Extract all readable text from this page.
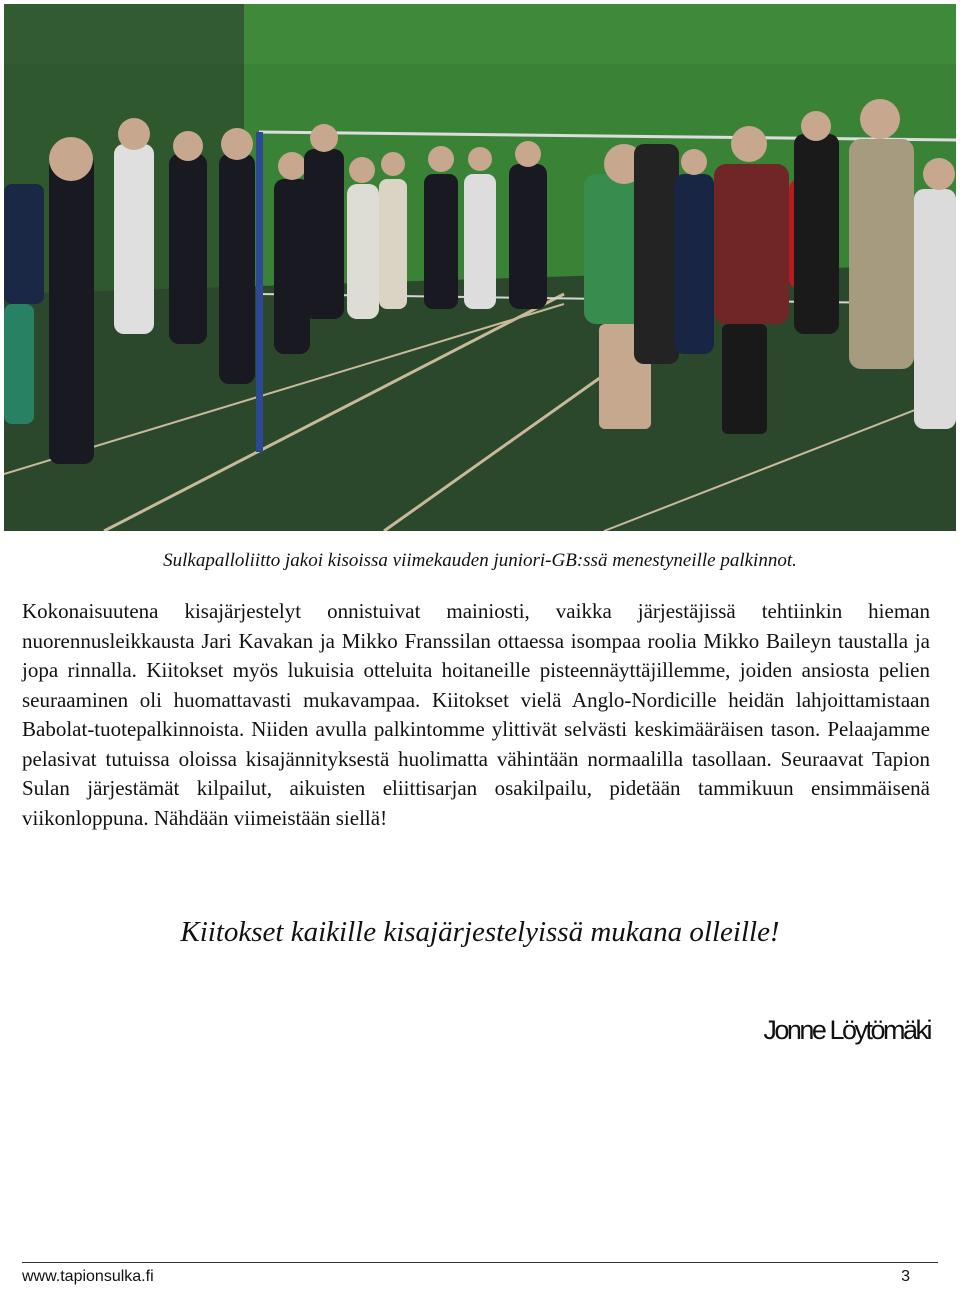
Sulkapalloliitto jakoi kisoissa viimekauden juniori-GB:ssä menestyneille palkinnot.

Kokonaisuutena kisajärjestelyt onnistuivat mainiosti, vaikka järjestäjissä tehtiinkin hieman nuorennusleikkausta Jari Kavakan ja Mikko Franssilan ottaessa isompaa roolia Mikko Baileyn taustalla ja jopa rinnalla. Kiitokset myös lukuisia otteluita hoitaneille pisteennäyttäjillemme, joiden ansiosta pelien seuraaminen oli huomattavasti mukavampaa. Kiitokset vielä Anglo-Nordicille heidän lahjoittamistaan Babolat-tuotepalkinnoista. Niiden avulla palkintomme ylittivät selvästi keskimääräisen tason. Pelaajamme pelasivat tutuissa oloissa kisajännityksestä huolimatta vähintään normaalilla tasollaan. Seuraavat Tapion Sulan järjestämät kilpailut, aikuisten eliittisarjan osakilpailu, pidetään tammikuun ensimmäisenä viikonloppuna. Nähdään viimeistään siellä!

Kiitokset kaikille kisajärjestelyissä mukana olleille!
Jonne Löytömäki
www.tapionsulka.fi	3
